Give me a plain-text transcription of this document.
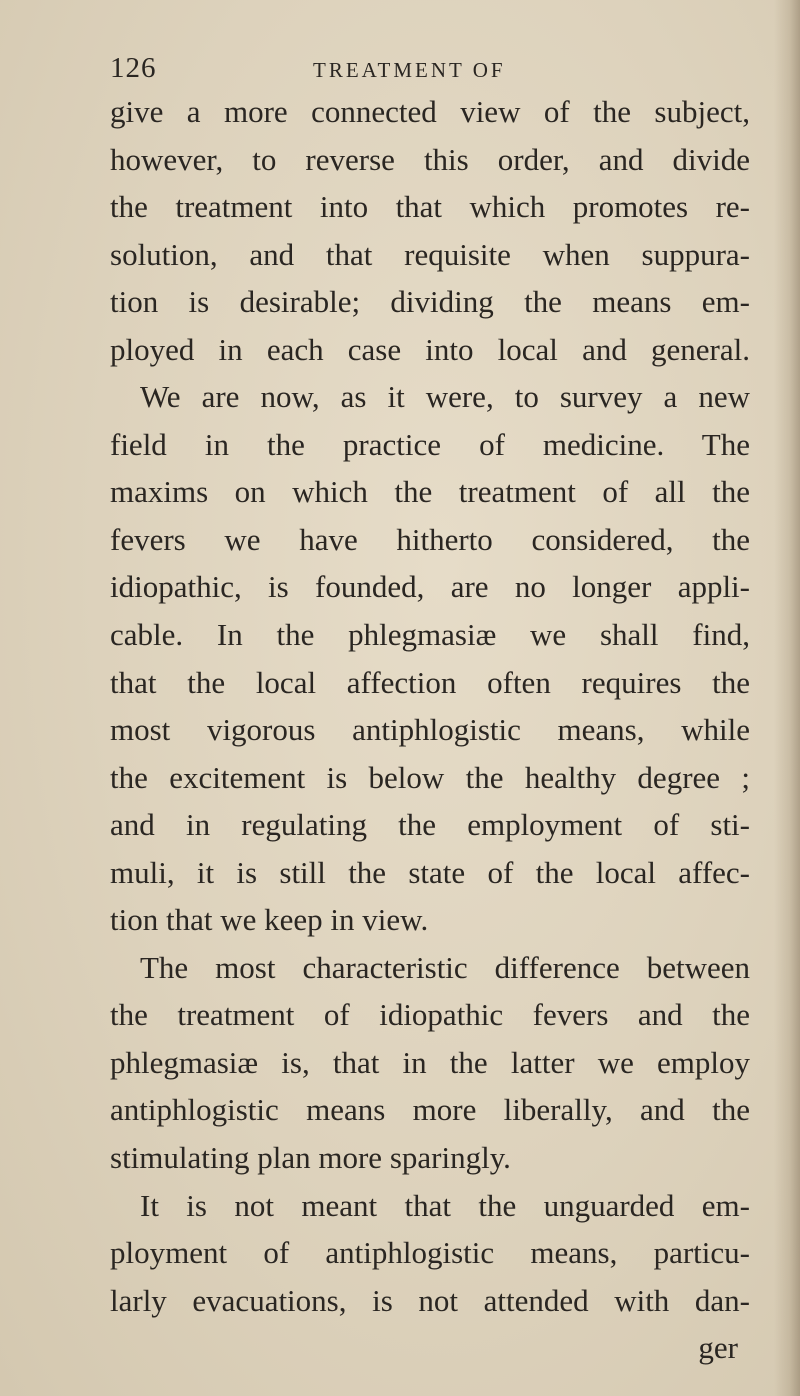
126	TREATMENT OF
give a more connected view of the subject,
however, to reverse this order, and divide
the treatment into that which promotes re-
solution, and that requisite when suppura-
tion is desirable; dividing the means em-
ployed in each case into local and general.
We are now, as it were, to survey a new
field in the practice of medicine. The
maxims on which the treatment of all the
fevers we have hitherto considered, the
idiopathic, is founded, are no longer appli-
cable. In the phlegmasiæ we shall find,
that the local affection often requires the
most vigorous antiphlogistic means, while
the excitement is below the healthy degree ;
and in regulating the employment of sti-
muli, it is still the state of the local affec-
tion that we keep in view.
The most characteristic difference between
the treatment of idiopathic fevers and the
phlegmasiæ is, that in the latter we employ
antiphlogistic means more liberally, and the
stimulating plan more sparingly.
It is not meant that the unguarded em-
ployment of antiphlogistic means, particu-
larly evacuations, is not attended with dan-
ger
